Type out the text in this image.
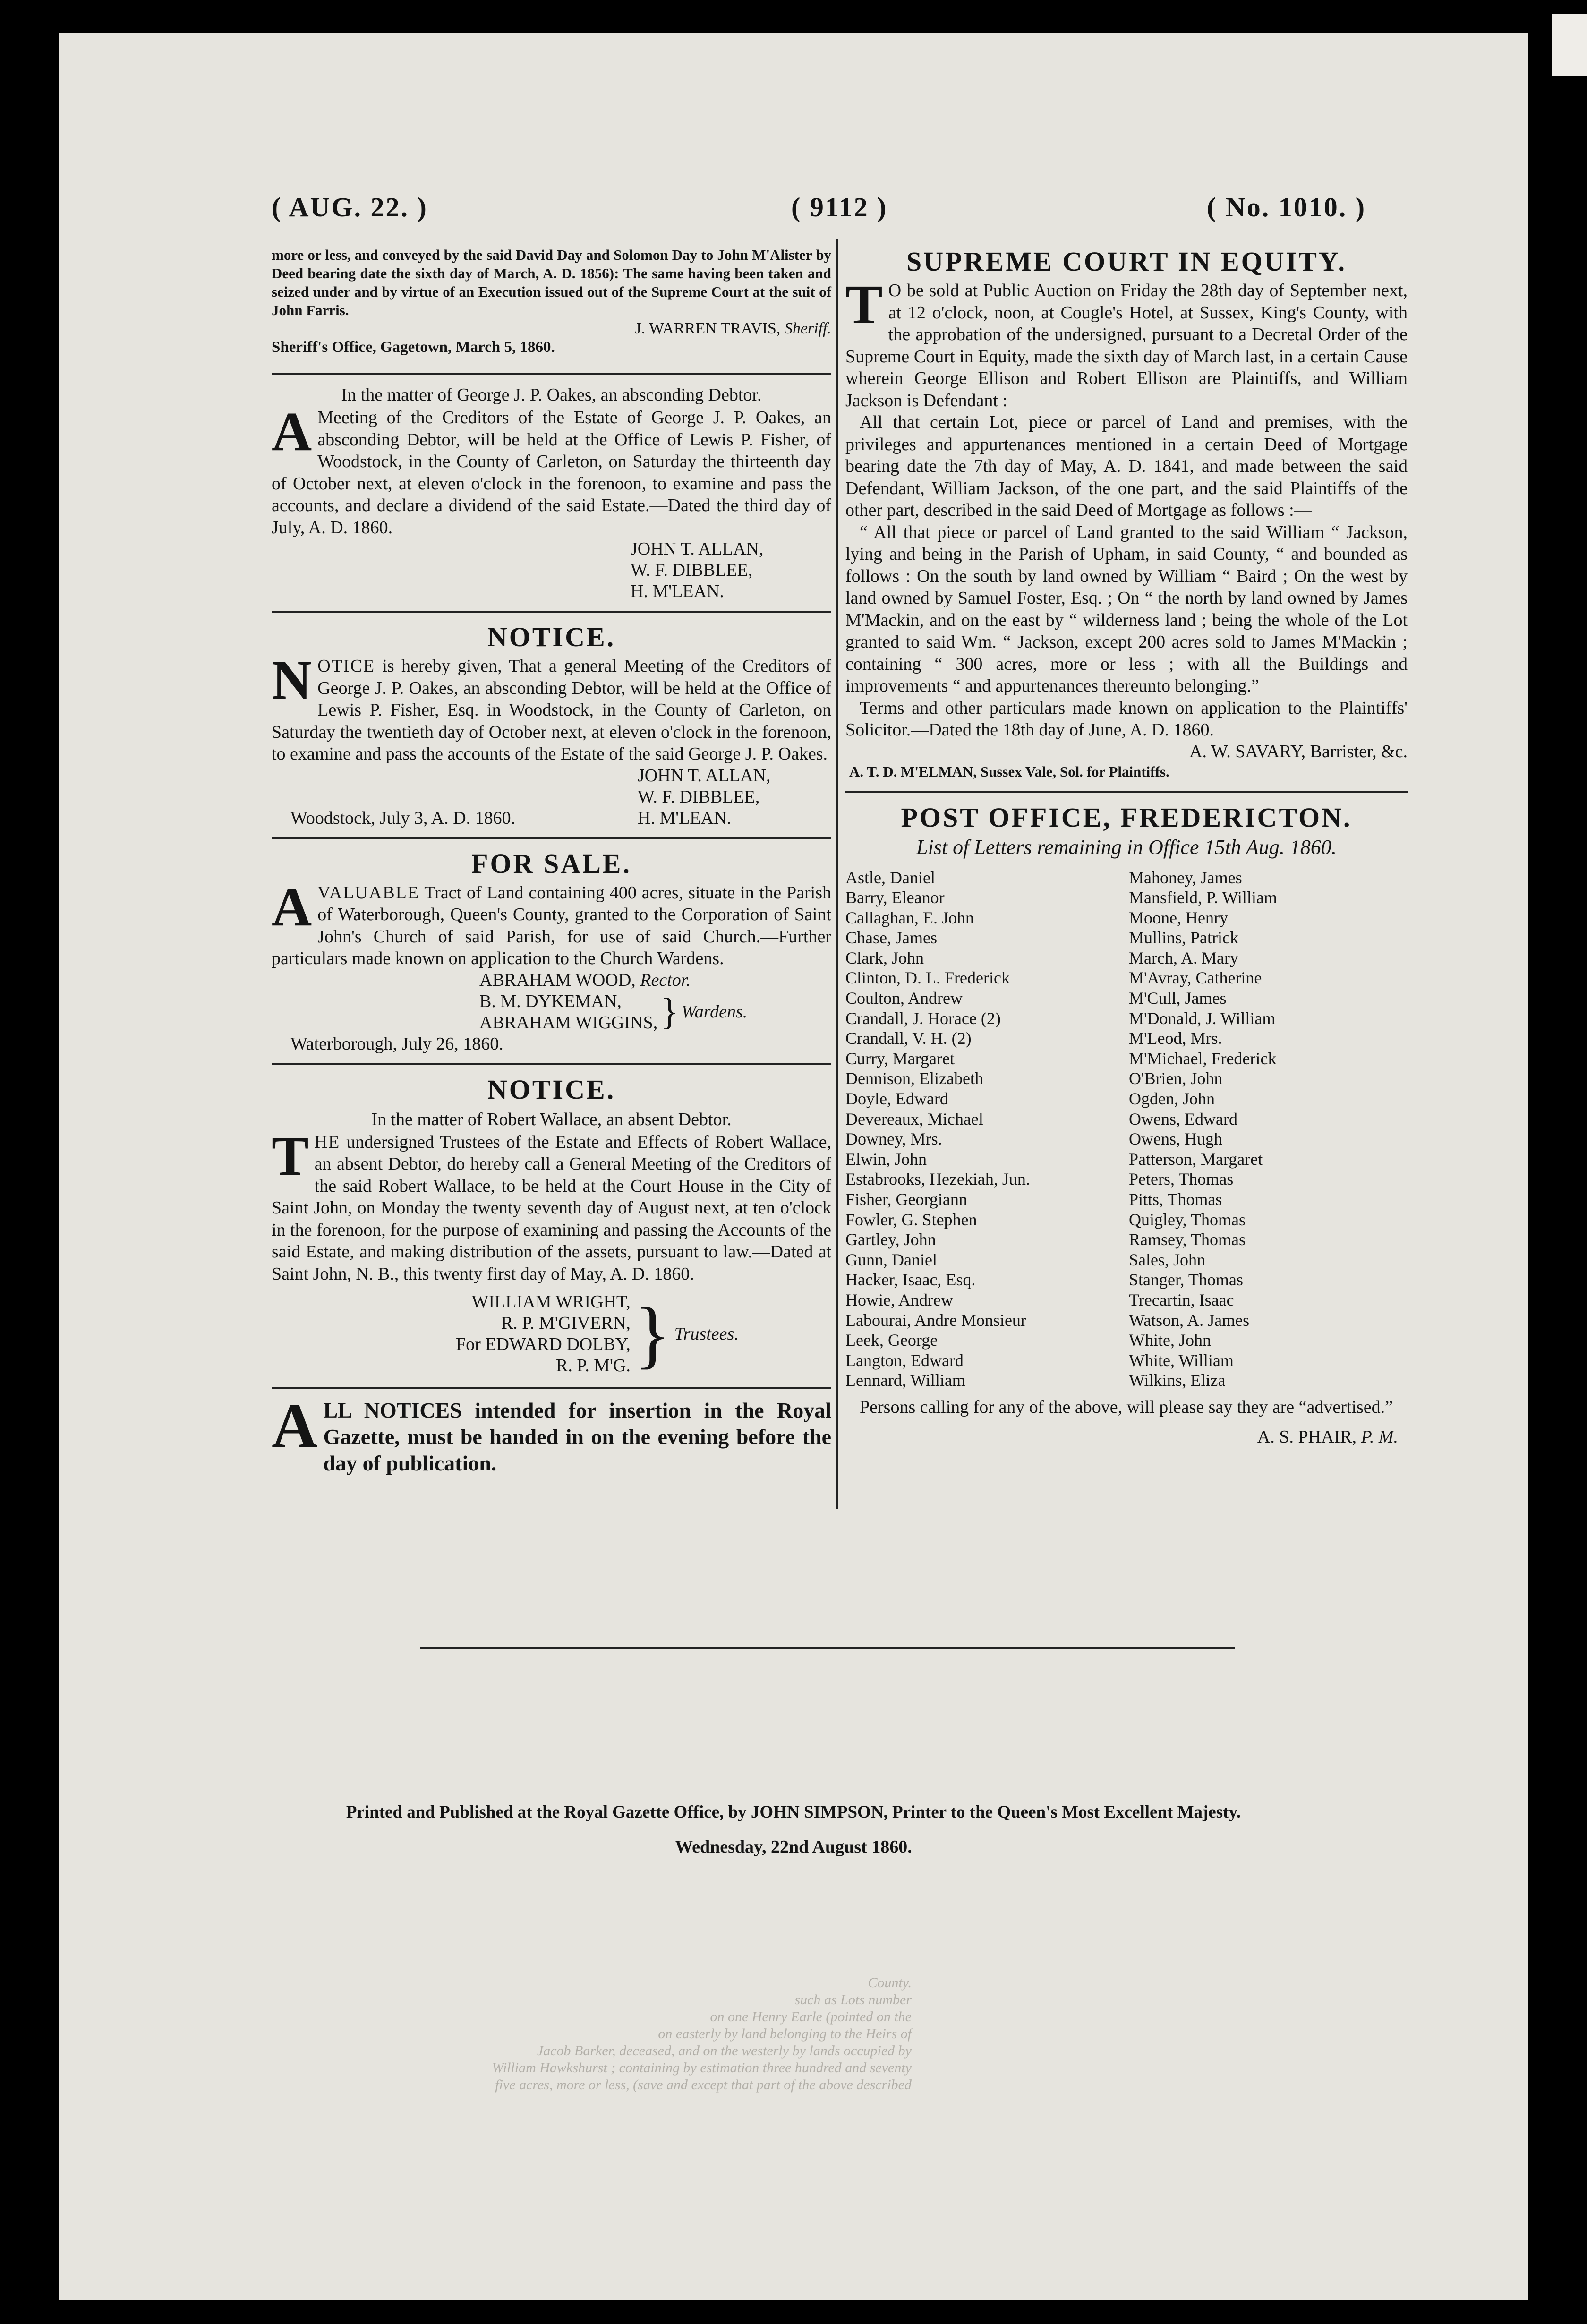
( AUG. 22. )	( 9112 )	( No. 1010. )

more or less, and conveyed by the said David Day and Solomon Day to John M'Alister by Deed bearing date the sixth day of March, A. D. 1856): The same having been taken and seized under and by virtue of an Execution issued out of the Supreme Court at the suit of John Farris.

J. WARREN TRAVIS, Sheriff.
Sheriff's Office, Gagetown, March 5, 1860.
In the matter of George J. P. Oakes, an absconding Debtor.

A Meeting of the Creditors of the Estate of George J. P. Oakes, an absconding Debtor, will be held at the Office of Lewis P. Fisher, of Woodstock, in the County of Carleton, on Saturday the thirteenth day of October next, at eleven o'clock in the forenoon, to examine and pass the accounts, and declare a dividend of the said Estate.—Dated the third day of July, A. D. 1860.

JOHN T. ALLAN,
W. F. DIBBLEE,
H. M'LEAN.
NOTICE.

NOTICE is hereby given, That a general Meeting of the Creditors of George J. P. Oakes, an absconding Debtor, will be held at the Office of Lewis P. Fisher, Esq. in Woodstock, in the County of Carleton, on Saturday the twentieth day of October next, at eleven o'clock in the forenoon, to examine and pass the accounts of the Estate of the said George J. P. Oakes.

Woodstock, July 3, A. D. 1860.
JOHN T. ALLAN,
W. F. DIBBLEE,
H. M'LEAN.
FOR SALE.

AVALUABLE Tract of Land containing 400 acres, situate in the Parish of Waterborough, Queen's County, granted to the Corporation of Saint John's Church of said Parish, for use of said Church.—Further particulars made known on application to the Church Wardens.

ABRAHAM WOOD, Rector.
B. M. DYKEMAN,
ABRAHAM WIGGINS, } Wardens.
Waterborough, July 26, 1860.
NOTICE.
In the matter of Robert Wallace, an absent Debtor.

THE undersigned Trustees of the Estate and Effects of Robert Wallace, an absent Debtor, do hereby call a General Meeting of the Creditors of the said Robert Wallace, to be held at the Court House in the City of Saint John, on Monday the twenty seventh day of August next, at ten o'clock in the forenoon, for the purpose of examining and passing the Accounts of the said Estate, and making distribution of the assets, pursuant to law.—Dated at Saint John, N. B., this twenty first day of May, A. D. 1860.

WILLIAM WRIGHT,
R. P. M'GIVERN,
For EDWARD DOLBY,
R. P. M'G. } Trustees.

ALL NOTICES intended for insertion in the Royal Gazette, must be handed in on the evening before the day of publication.

SUPREME COURT IN EQUITY.

T O be sold at Public Auction on Friday the 28th day of September next, at 12 o'clock, noon, at Cougle's Hotel, at Sussex, King's County, with the approbation of the undersigned, pursuant to a Decretal Order of the Supreme Court in Equity, made the sixth day of March last, in a certain Cause wherein George Ellison and Robert Ellison are Plaintiffs, and William Jackson is Defendant :—

All that certain Lot, piece or parcel of Land and premises, with the privileges and appurtenances mentioned in a certain Deed of Mortgage bearing date the 7th day of May, A. D. 1841, and made between the said Defendant, William Jackson, of the one part, and the said Plaintiffs of the other part, described in the said Deed of Mortgage as follows :—

“ All that piece or parcel of Land granted to the said William “ Jackson, lying and being in the Parish of Upham, in said County, “ and bounded as follows : On the south by land owned by William “ Baird ; On the west by land owned by Samuel Foster, Esq. ; On “ the north by land owned by James M'Mackin, and on the east by “ wilderness land ; being the whole of the Lot granted to said Wm. “ Jackson, except 200 acres sold to James M'Mackin ; containing “ 300 acres, more or less ; with all the Buildings and improvements “ and appurtenances thereunto belonging.”

Terms and other particulars made known on application to the Plaintiffs' Solicitor.—Dated the 18th day of June, A. D. 1860.

A. W. SAVARY, Barrister, &c.
A. T. D. M'ELMAN, Sussex Vale, Sol. for Plaintiffs.
POST OFFICE, FREDERICTON.
List of Letters remaining in Office 15th Aug. 1860.
Astle, Daniel
Barry, Eleanor
Callaghan, E. John
Chase, James
Clark, John
Clinton, D. L. Frederick
Coulton, Andrew
Crandall, J. Horace (2)
Crandall, V. H. (2)
Curry, Margaret
Dennison, Elizabeth
Doyle, Edward
Devereaux, Michael
Downey, Mrs.
Elwin, John
Estabrooks, Hezekiah, Jun.
Fisher, Georgiann
Fowler, G. Stephen
Gartley, John
Gunn, Daniel
Hacker, Isaac, Esq.
Howie, Andrew
Labourai, Andre Monsieur
Leek, George
Langton, Edward
Lennard, William
Mahoney, James
Mansfield, P. William
Moone, Henry
Mullins, Patrick
March, A. Mary
M'Avray, Catherine
M'Cull, James
M'Donald, J. William
M'Leod, Mrs.
M'Michael, Frederick
O'Brien, John
Ogden, John
Owens, Edward
Owens, Hugh
Patterson, Margaret
Peters, Thomas
Pitts, Thomas
Quigley, Thomas
Ramsey, Thomas
Sales, John
Stanger, Thomas
Trecartin, Isaac
Watson, A. James
White, John
White, William
Wilkins, Eliza

Persons calling for any of the above, will please say they are “advertised.”

A. S. PHAIR, P. M.
Printed and Published at the Royal Gazette Office, by JOHN SIMPSON, Printer to the Queen's Most Excellent Majesty.
Wednesday, 22nd August 1860.
County.
such as Lots number
on one Henry Earle (pointed on the
on easterly by land belonging to the Heirs of
Jacob Barker, deceased, and on the westerly by lands occupied by
William Hawkshurst ; containing by estimation three hundred and seventy
five acres, more or less, (save and except that part of the above described
